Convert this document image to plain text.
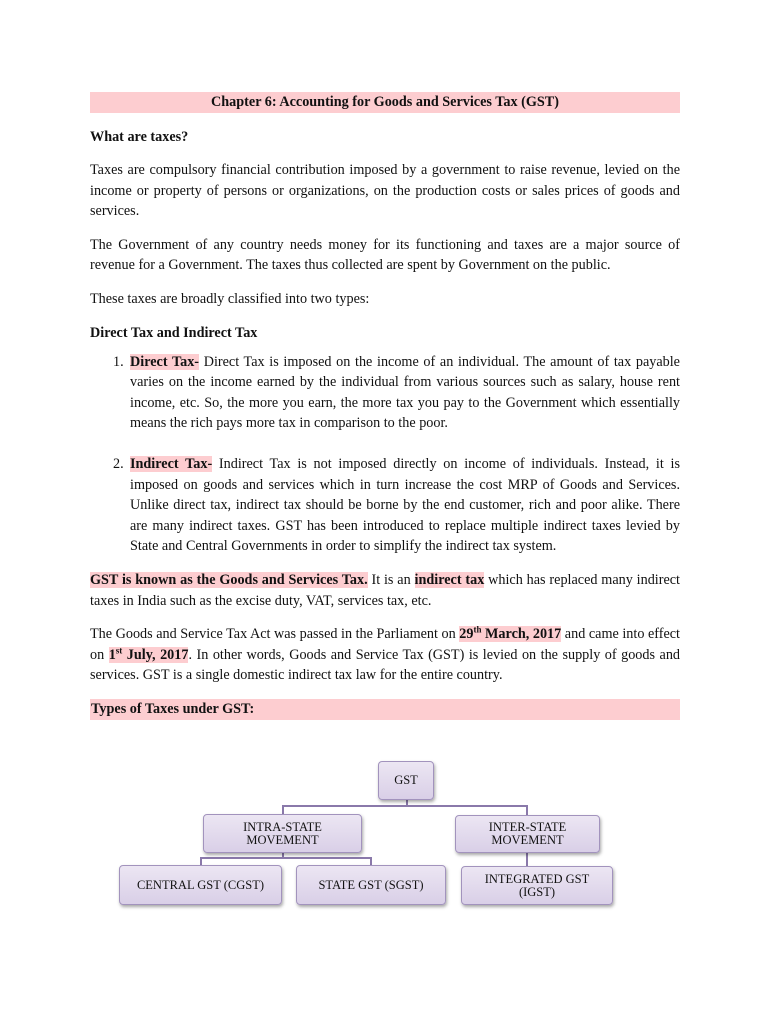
Chapter 6: Accounting for Goods and Services Tax (GST)
What are taxes?

Taxes are compulsory financial contribution imposed by a government to raise revenue, levied on the income or property of persons or organizations, on the production costs or sales prices of goods and services.

The Government of any country needs money for its functioning and taxes are a major source of revenue for a Government. The taxes thus collected are spent by Government on the public.

These taxes are broadly classified into two types:

Direct Tax and Indirect Tax
1. Direct Tax- Direct Tax is imposed on the income of an individual. The amount of tax payable varies on the income earned by the individual from various sources such as salary, house rent income, etc. So, the more you earn, the more tax you pay to the Government which essentially means the rich pays more tax in comparison to the poor.
2. Indirect Tax- Indirect Tax is not imposed directly on income of individuals. Instead, it is imposed on goods and services which in turn increase the cost MRP of Goods and Services. Unlike direct tax, indirect tax should be borne by the end customer, rich and poor alike. There are many indirect taxes. GST has been introduced to replace multiple indirect taxes levied by State and Central Governments in order to simplify the indirect tax system.

GST is known as the Goods and Services Tax. It is an indirect tax which has replaced many indirect taxes in India such as the excise duty, VAT, services tax, etc.

The Goods and Service Tax Act was passed in the Parliament on 29th March, 2017 and came into effect on 1st July, 2017. In other words, Goods and Service Tax (GST) is levied on the supply of goods and services. GST is a single domestic indirect tax law for the entire country.

Types of Taxes under GST:
GST
INTRA-STATE MOVEMENT
INTER-STATE MOVEMENT
CENTRAL GST (CGST)	STATE GST (SGST)	INTEGRATED GST (IGST)
